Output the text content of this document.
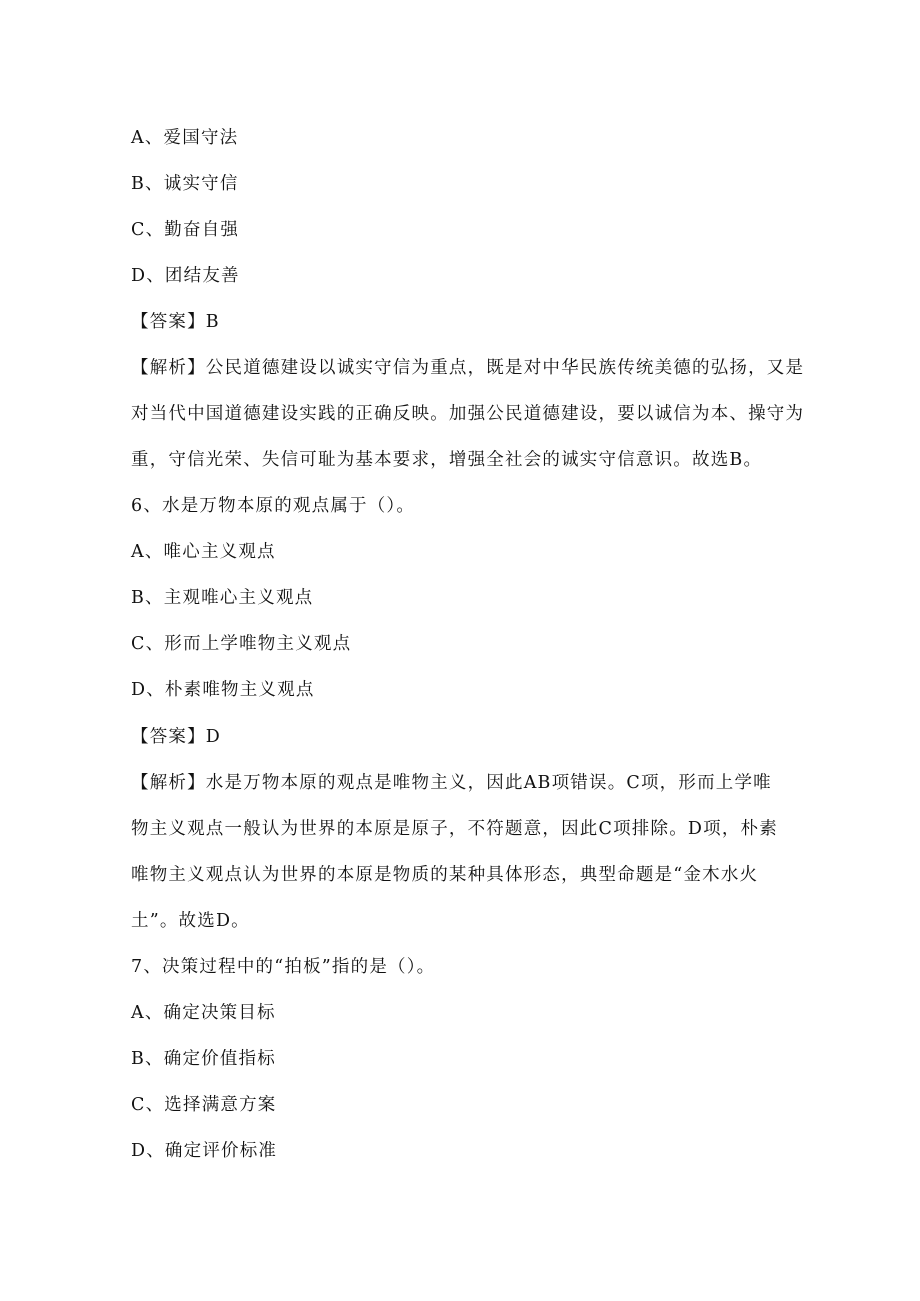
A、爱国守法
B、诚实守信
C、勤奋自强
D、团结友善
【答案】B
【解析】公民道德建设以诚实守信为重点，既是对中华民族传统美德的弘扬，又是
对当代中国道德建设实践的正确反映。加强公民道德建设，要以诚信为本、操守为
重，守信光荣、失信可耻为基本要求，增强全社会的诚实守信意识。故选B。
6、水是万物本原的观点属于（）。
A、唯心主义观点
B、主观唯心主义观点
C、形而上学唯物主义观点
D、朴素唯物主义观点
【答案】D
【解析】水是万物本原的观点是唯物主义，因此AB项错误。C项，形而上学唯
物主义观点一般认为世界的本原是原子，不符题意，因此C项排除。D项，朴素
唯物主义观点认为世界的本原是物质的某种具体形态，典型命题是“金木水火
土”。故选D。
7、决策过程中的“拍板”指的是（）。
A、确定决策目标
B、确定价值指标
C、选择满意方案
D、确定评价标准
